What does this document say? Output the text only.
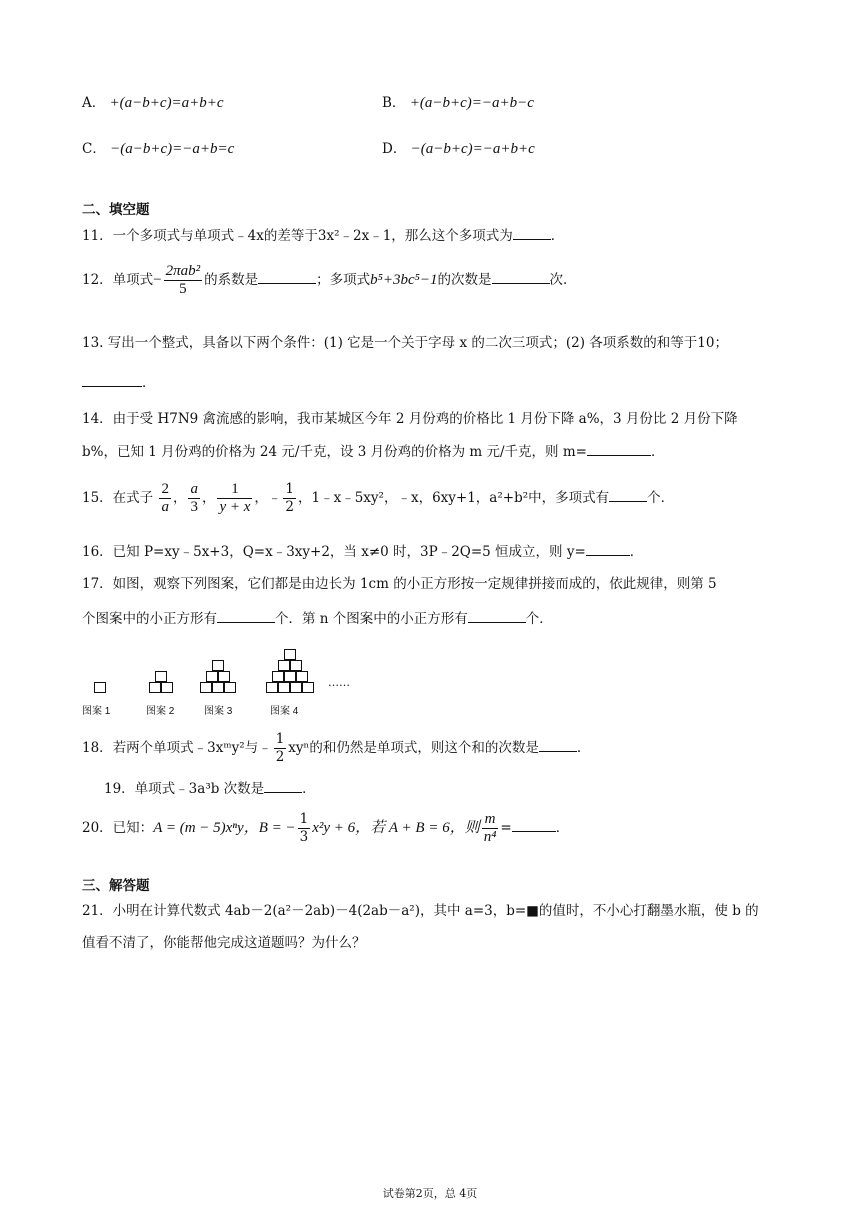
A． +(a−b+c)=a+b+c	B． +(a−b+c)=−a+b−c
C． −(a−b+c)=−a+b=c	D． −(a−b+c)=−a+b+c
二、填空题
11．一个多项式与单项式﹣4x的差等于3x²﹣2x﹣1，那么这个多项式为	．
12．单项式− $\frac{\text{2πab²}}{5}$ 的系数是	；多项式b⁵+3bc⁵−1的次数是	次．
13. 写出一个整式，具备以下两个条件：(1) 它是一个关于字母 x 的二次三项式；(2) 各项系数的和等于10；
．
14．由于受 H7N9 禽流感的影响，我市某城区今年 2 月份鸡的价格比 1 月份下降 a%，3 月份比 2 月份下降
b%，已知 1 月份鸡的价格为 24 元/千克，设 3 月份鸡的价格为 m 元/千克，则 m=	．
15．在式子 $\frac{2}{a}$ ， $\frac{a}{3}$ ， $\frac{1}{y + x}$ ，﹣ $\frac{1}{2}$ ，1﹣x﹣5xy²，﹣x，6xy+1，a²+b²中，多项式有	个．
16．已知 P=xy﹣5x+3，Q=x﹣3xy+2，当 x≠0 时，3P﹣2Q=5 恒成立，则 y=	．
17．如图，观察下列图案，它们都是由边长为 1cm 的小正方形按一定规律拼接而成的，依此规律，则第 5
个图案中的小正方形有	个．第 n 个图案中的小正方形有	个．
……
图案 1	图案 2	图案 3	图案 4
18．若两个单项式﹣3xᵐy²与﹣ $\frac{1}{2}$ xyⁿ的和仍然是单项式，则这个和的次数是	．
19．单项式﹣3a³b 次数是	．
20．已知：A = (m − 5)xⁿy，B = − $\frac{1}{3} x^2y + 6$，若 A + B = 6，则 $\frac{m}{\text{n⁴}}$ =	．
三、解答题
21．小明在计算代数式 4ab－2(a²－2ab)－4(2ab－a²)，其中 a=3，b=■的值时，不小心打翻墨水瓶，使 b 的
值看不清了，你能帮他完成这道题吗？为什么？
试卷第2页，总 4页
